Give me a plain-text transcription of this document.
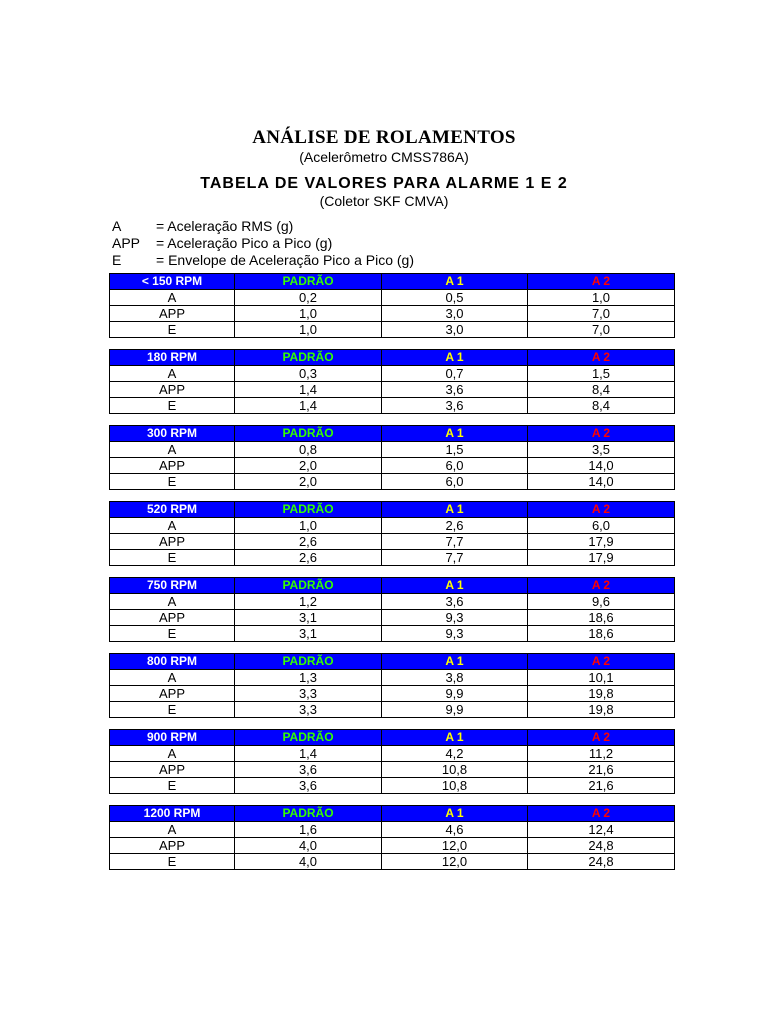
ANÁLISE DE ROLAMENTOS
(Acelerômetro CMSS786A)
TABELA DE VALORES PARA ALARME 1 E 2
(Coletor SKF CMVA)
A = Aceleração RMS (g)
APP = Aceleração Pico a Pico (g)
E = Envelope de Aceleração Pico a Pico (g)
< 150 RPM	PADRÃO	A 1	A 2
A	0,2	0,5	1,0
APP	1,0	3,0	7,0
E	1,0	3,0	7,0
180 RPM	PADRÃO	A 1	A 2
A	0,3	0,7	1,5
APP	1,4	3,6	8,4
E	1,4	3,6	8,4
300 RPM	PADRÃO	A 1	A 2
A	0,8	1,5	3,5
APP	2,0	6,0	14,0
E	2,0	6,0	14,0
520 RPM	PADRÃO	A 1	A 2
A	1,0	2,6	6,0
APP	2,6	7,7	17,9
E	2,6	7,7	17,9
750 RPM	PADRÃO	A 1	A 2
A	1,2	3,6	9,6
APP	3,1	9,3	18,6
E	3,1	9,3	18,6
800 RPM	PADRÃO	A 1	A 2
A	1,3	3,8	10,1
APP	3,3	9,9	19,8
E	3,3	9,9	19,8
900 RPM	PADRÃO	A 1	A 2
A	1,4	4,2	11,2
APP	3,6	10,8	21,6
E	3,6	10,8	21,6
1200 RPM	PADRÃO	A 1	A 2
A	1,6	4,6	12,4
APP	4,0	12,0	24,8
E	4,0	12,0	24,8
